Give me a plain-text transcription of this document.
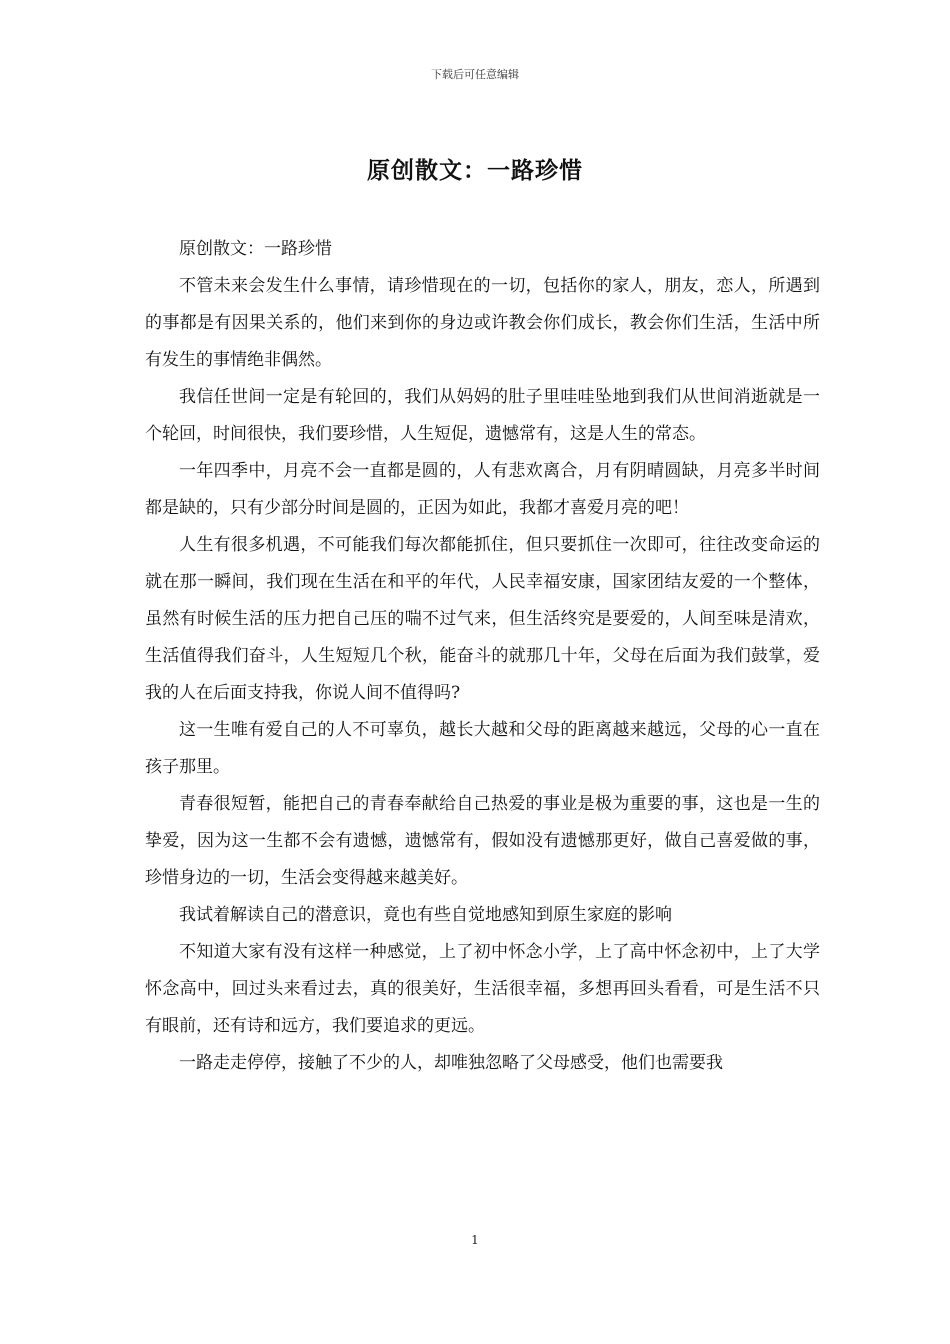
下载后可任意编辑
原创散文：一路珍惜

原创散文：一路珍惜

不管未来会发生什么事情，请珍惜现在的一切，包括你的家人，朋友，恋人，所遇到的事都是有因果关系的，他们来到你的身边或许教会你们成长，教会你们生活，生活中所有发生的事情绝非偶然。

我信任世间一定是有轮回的，我们从妈妈的肚子里哇哇坠地到我们从世间消逝就是一个轮回，时间很快，我们要珍惜，人生短促，遗憾常有，这是人生的常态。

一年四季中，月亮不会一直都是圆的，人有悲欢离合，月有阴晴圆缺，月亮多半时间都是缺的，只有少部分时间是圆的，正因为如此，我都才喜爱月亮的吧！

人生有很多机遇，不可能我们每次都能抓住，但只要抓住一次即可，往往改变命运的就在那一瞬间，我们现在生活在和平的年代，人民幸福安康，国家团结友爱的一个整体，虽然有时候生活的压力把自己压的喘不过气来，但生活终究是要爱的，人间至味是清欢，生活值得我们奋斗，人生短短几个秋，能奋斗的就那几十年，父母在后面为我们鼓掌，爱我的人在后面支持我，你说人间不值得吗?

这一生唯有爱自己的人不可辜负，越长大越和父母的距离越来越远，父母的心一直在孩子那里。

青春很短暂，能把自己的青春奉献给自己热爱的事业是极为重要的事，这也是一生的挚爱，因为这一生都不会有遗憾，遗憾常有，假如没有遗憾那更好，做自己喜爱做的事，珍惜身边的一切，生活会变得越来越美好。

我试着解读自己的潜意识，竟也有些自觉地感知到原生家庭的影响

不知道大家有没有这样一种感觉，上了初中怀念小学，上了高中怀念初中，上了大学怀念高中，回过头来看过去，真的很美好，生活很幸福，多想再回头看看，可是生活不只有眼前，还有诗和远方，我们要追求的更远。

一路走走停停，接触了不少的人，却唯独忽略了父母感受，他们也需要我

1
